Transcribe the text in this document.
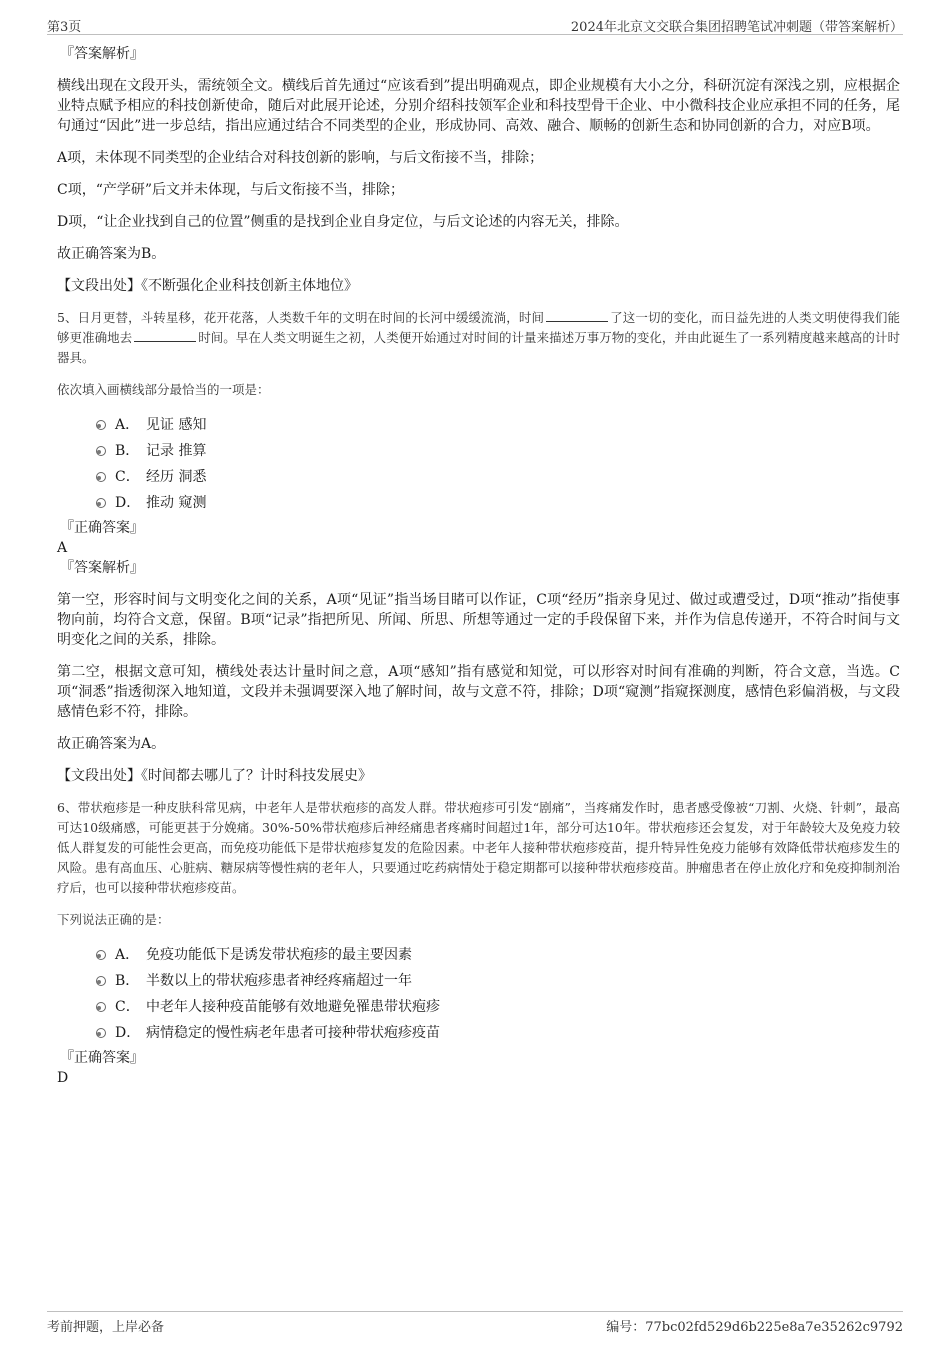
第3页	2024年北京文交联合集团招聘笔试冲刺题（带答案解析）

『答案解析』

横线出现在文段开头，需统领全文。横线后首先通过“应该看到”提出明确观点，即企业规模有大小之分，科研沉淀有深浅之别，应根据企业特点赋予相应的科技创新使命，随后对此展开论述，分别介绍科技领军企业和科技型骨干企业、中小微科技企业应承担不同的任务，尾句通过“因此”进一步总结，指出应通过结合不同类型的企业，形成协同、高效、融合、顺畅的创新生态和协同创新的合力，对应B项。

A项，未体现不同类型的企业结合对科技创新的影响，与后文衔接不当，排除；

C项，“产学研”后文并未体现，与后文衔接不当，排除；

D项，“让企业找到自己的位置”侧重的是找到企业自身定位，与后文论述的内容无关，排除。

故正确答案为B。

【文段出处】《不断强化企业科技创新主体地位》

5、日月更替，斗转星移，花开花落，人类数千年的文明在时间的长河中缓缓流淌，时间	了这一切的变化，而日益先进的人类文明使得我们能够更准确地去	时间。早在人类文明诞生之初，人类便开始通过对时间的计量来描述万事万物的变化，并由此诞生了一系列精度越来越高的计时器具。

依次填入画横线部分最恰当的一项是：

A． 见证 感知
B． 记录 推算
C． 经历 洞悉
D． 推动 窥测

『正确答案』

A

『答案解析』

第一空，形容时间与文明变化之间的关系，A项“见证”指当场目睹可以作证，C项“经历”指亲身见过、做过或遭受过，D项“推动”指使事物向前，均符合文意，保留。B项“记录”指把所见、所闻、所思、所想等通过一定的手段保留下来，并作为信息传递开，不符合时间与文明变化之间的关系，排除。

第二空，根据文意可知，横线处表达计量时间之意，A项“感知”指有感觉和知觉，可以形容对时间有准确的判断，符合文意，当选。C项“洞悉”指透彻深入地知道，文段并未强调要深入地了解时间，故与文意不符，排除；D项“窥测”指窥探测度，感情色彩偏消极，与文段感情色彩不符，排除。

故正确答案为A。

【文段出处】《时间都去哪儿了？计时科技发展史》

6、带状疱疹是一种皮肤科常见病，中老年人是带状疱疹的高发人群。带状疱疹可引发“剧痛”，当疼痛发作时，患者感受像被“刀割、火烧、针刺”，最高可达10级痛感，可能更甚于分娩痛。30%-50%带状疱疹后神经痛患者疼痛时间超过1年，部分可达10年。带状疱疹还会复发，对于年龄较大及免疫力较低人群复发的可能性会更高，而免疫功能低下是带状疱疹复发的危险因素。中老年人接种带状疱疹疫苗，提升特异性免疫力能够有效降低带状疱疹发生的风险。患有高血压、心脏病、糖尿病等慢性病的老年人，只要通过吃药病情处于稳定期都可以接种带状疱疹疫苗。肿瘤患者在停止放化疗和免疫抑制剂治疗后，也可以接种带状疱疹疫苗。

下列说法正确的是：

A． 免疫功能低下是诱发带状疱疹的最主要因素
B． 半数以上的带状疱疹患者神经疼痛超过一年
C． 中老年人接种疫苗能够有效地避免罹患带状疱疹
D． 病情稳定的慢性病老年患者可接种带状疱疹疫苗

『正确答案』

D

考前押题，上岸必备	编号：77bc02fd529d6b225e8a7e35262c9792
